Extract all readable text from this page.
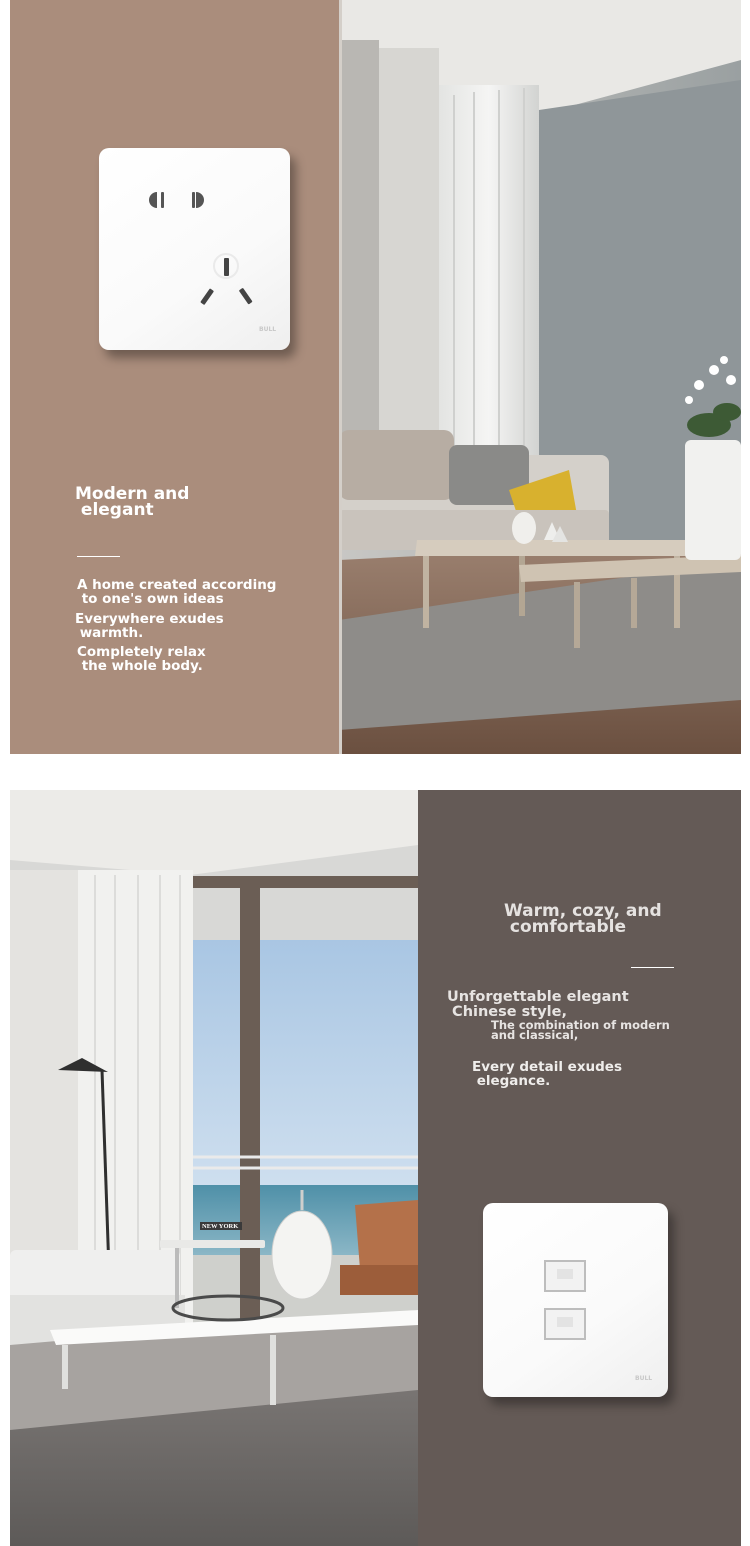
BULL

Modern and
elegant

A home created according
to one's own ideas

Everywhere exudes
warmth.

Completely relax
the whole body.

NEW YORK

Warm, cozy, and
comfortable

Unforgettable elegant
Chinese style,

The combination of modern
and classical,

Every detail exudes
elegance.

BULL
